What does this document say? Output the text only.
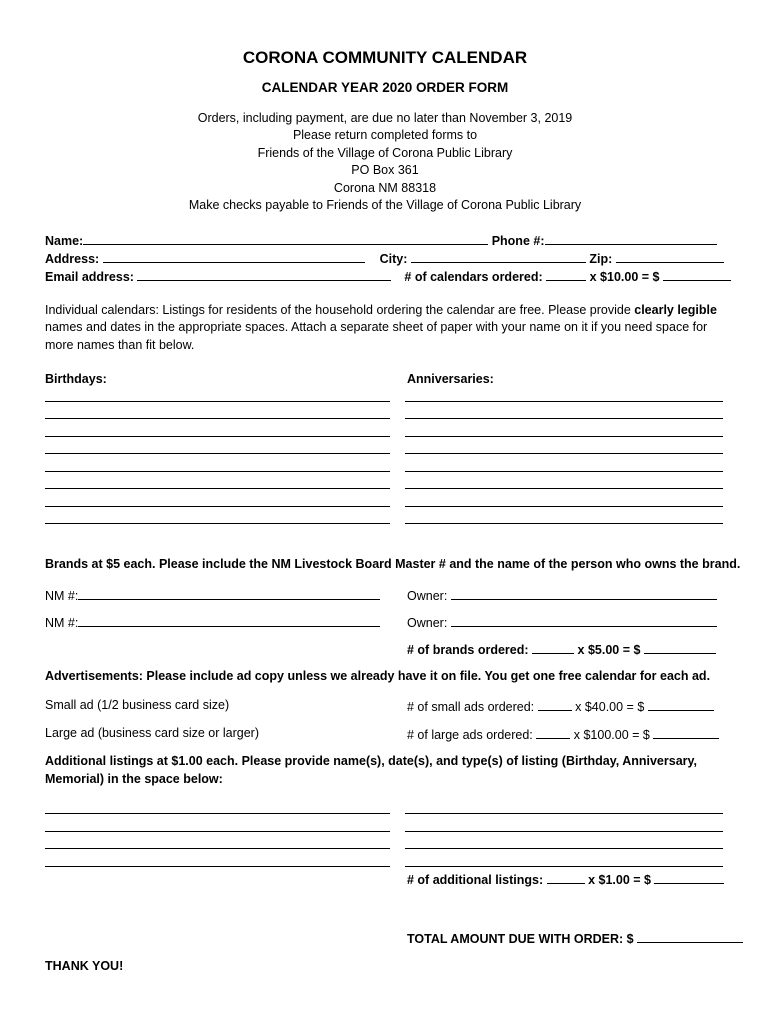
CORONA COMMUNITY CALENDAR
CALENDAR YEAR 2020 ORDER FORM
Orders, including payment, are due no later than November 3, 2019
Please return completed forms to
Friends of the Village of Corona Public Library
PO Box 361
Corona NM 88318
Make checks payable to Friends of the Village of Corona Public Library
Name:	Phone #:
Address:	City:	Zip:
Email address:	# of calendars ordered:	x $10.00 = $
Individual calendars: Listings for residents of the household ordering the calendar are free. Please provide clearly legible names and dates in the appropriate spaces. Attach a separate sheet of paper with your name on it if you need space for more names than fit below.
Birthdays:	Anniversaries:
Brands at $5 each. Please include the NM Livestock Board Master # and the name of the person who owns the brand.
NM #:	Owner:
NM #:	Owner:
# of brands ordered:	x $5.00 = $
Advertisements: Please include ad copy unless we already have it on file. You get one free calendar for each ad.
Small ad (1/2 business card size)	# of small ads ordered:	x $40.00 = $
Large ad (business card size or larger)	# of large ads ordered:	x $100.00 = $
Additional listings at $1.00 each. Please provide name(s), date(s), and type(s) of listing (Birthday, Anniversary,
Memorial) in the space below:
# of additional listings:	x $1.00 = $
TOTAL AMOUNT DUE WITH ORDER: $
THANK YOU!
